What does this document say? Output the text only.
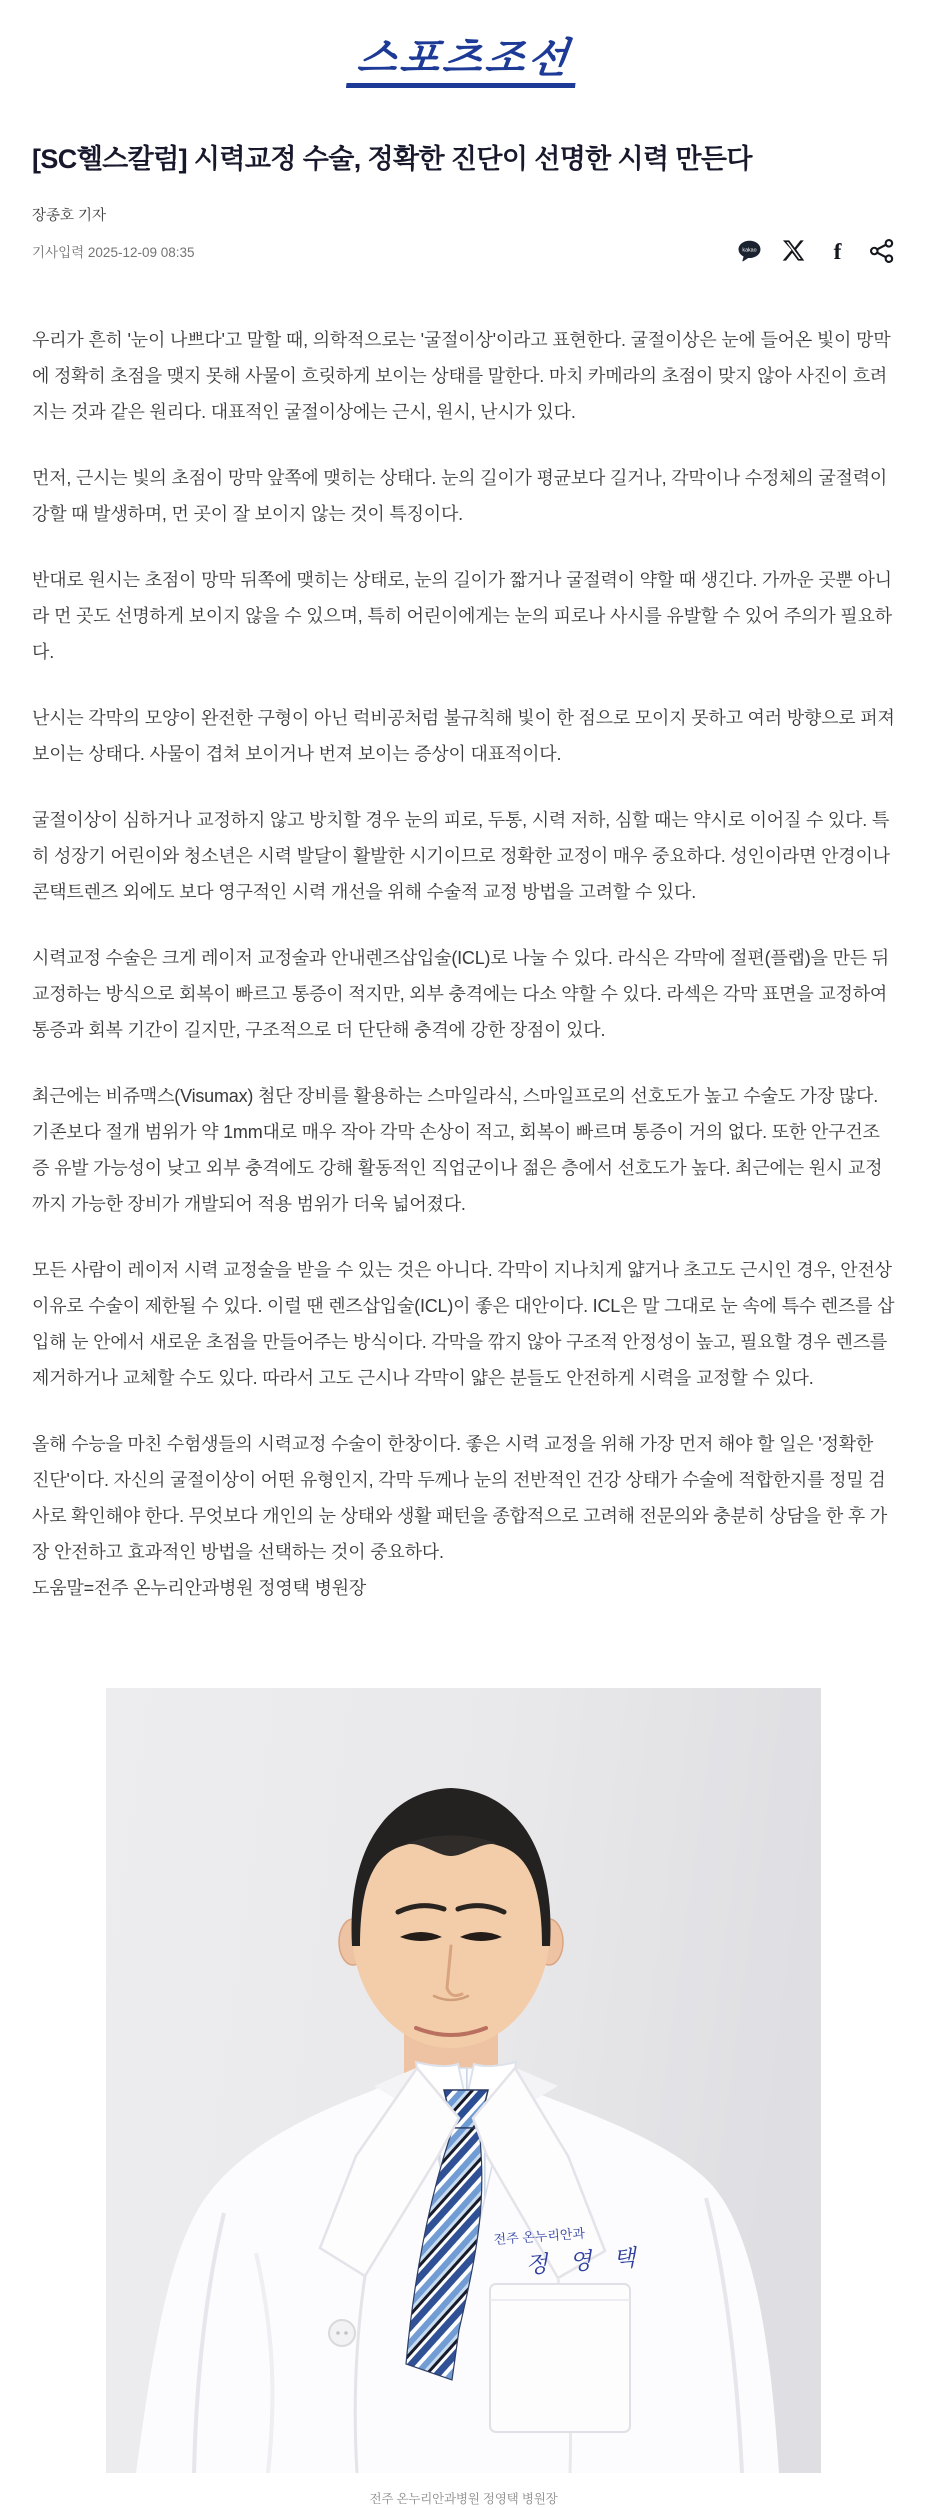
스포츠조선
[SC헬스칼럼] 시력교정 수술, 정확한 진단이 선명한 시력 만든다
장종호 기자
기사입력 2025-12-09 08:35	kakao	f

우리가 흔히 '눈이 나쁘다'고 말할 때, 의학적으로는 '굴절이상'이라고 표현한다. 굴절이상은 눈에 들어온 빛이 망막에 정확히 초점을 맺지 못해 사물이 흐릿하게 보이는 상태를 말한다. 마치 카메라의 초점이 맞지 않아 사진이 흐려지는 것과 같은 원리다. 대표적인 굴절이상에는 근시, 원시, 난시가 있다.

먼저, 근시는 빛의 초점이 망막 앞쪽에 맺히는 상태다. 눈의 길이가 평균보다 길거나, 각막이나 수정체의 굴절력이 강할 때 발생하며, 먼 곳이 잘 보이지 않는 것이 특징이다.

반대로 원시는 초점이 망막 뒤쪽에 맺히는 상태로, 눈의 길이가 짧거나 굴절력이 약할 때 생긴다. 가까운 곳뿐 아니라 먼 곳도 선명하게 보이지 않을 수 있으며, 특히 어린이에게는 눈의 피로나 사시를 유발할 수 있어 주의가 필요하다.

난시는 각막의 모양이 완전한 구형이 아닌 럭비공처럼 불규칙해 빛이 한 점으로 모이지 못하고 여러 방향으로 퍼져 보이는 상태다. 사물이 겹쳐 보이거나 번져 보이는 증상이 대표적이다.

굴절이상이 심하거나 교정하지 않고 방치할 경우 눈의 피로, 두통, 시력 저하, 심할 때는 약시로 이어질 수 있다. 특히 성장기 어린이와 청소년은 시력 발달이 활발한 시기이므로 정확한 교정이 매우 중요하다. 성인이라면 안경이나 콘택트렌즈 외에도 보다 영구적인 시력 개선을 위해 수술적 교정 방법을 고려할 수 있다.

시력교정 수술은 크게 레이저 교정술과 안내렌즈삽입술(ICL)로 나눌 수 있다. 라식은 각막에 절편(플랩)을 만든 뒤 교정하는 방식으로 회복이 빠르고 통증이 적지만, 외부 충격에는 다소 약할 수 있다. 라섹은 각막 표면을 교정하여 통증과 회복 기간이 길지만, 구조적으로 더 단단해 충격에 강한 장점이 있다.

최근에는 비쥬맥스(Visumax) 첨단 장비를 활용하는 스마일라식, 스마일프로의 선호도가 높고 수술도 가장 많다. 기존보다 절개 범위가 약 1mm대로 매우 작아 각막 손상이 적고, 회복이 빠르며 통증이 거의 없다. 또한 안구건조증 유발 가능성이 낮고 외부 충격에도 강해 활동적인 직업군이나 젊은 층에서 선호도가 높다. 최근에는 원시 교정까지 가능한 장비가 개발되어 적용 범위가 더욱 넓어졌다.

모든 사람이 레이저 시력 교정술을 받을 수 있는 것은 아니다. 각막이 지나치게 얇거나 초고도 근시인 경우, 안전상 이유로 수술이 제한될 수 있다. 이럴 땐 렌즈삽입술(ICL)이 좋은 대안이다. ICL은 말 그대로 눈 속에 특수 렌즈를 삽입해 눈 안에서 새로운 초점을 만들어주는 방식이다. 각막을 깎지 않아 구조적 안정성이 높고, 필요할 경우 렌즈를 제거하거나 교체할 수도 있다. 따라서 고도 근시나 각막이 얇은 분들도 안전하게 시력을 교정할 수 있다.

올해 수능을 마친 수험생들의 시력교정 수술이 한창이다. 좋은 시력 교정을 위해 가장 먼저 해야 할 일은 '정확한 진단'이다. 자신의 굴절이상이 어떤 유형인지, 각막 두께나 눈의 전반적인 건강 상태가 수술에 적합한지를 정밀 검사로 확인해야 한다. 무엇보다 개인의 눈 상태와 생활 패턴을 종합적으로 고려해 전문의와 충분히 상담을 한 후 가장 안전하고 효과적인 방법을 선택하는 것이 중요하다.

도움말=전주 온누리안과병원 정영택 병원장

전주 온누리안과
정 영 택
전주 온누리안과병원 정영택 병원장
